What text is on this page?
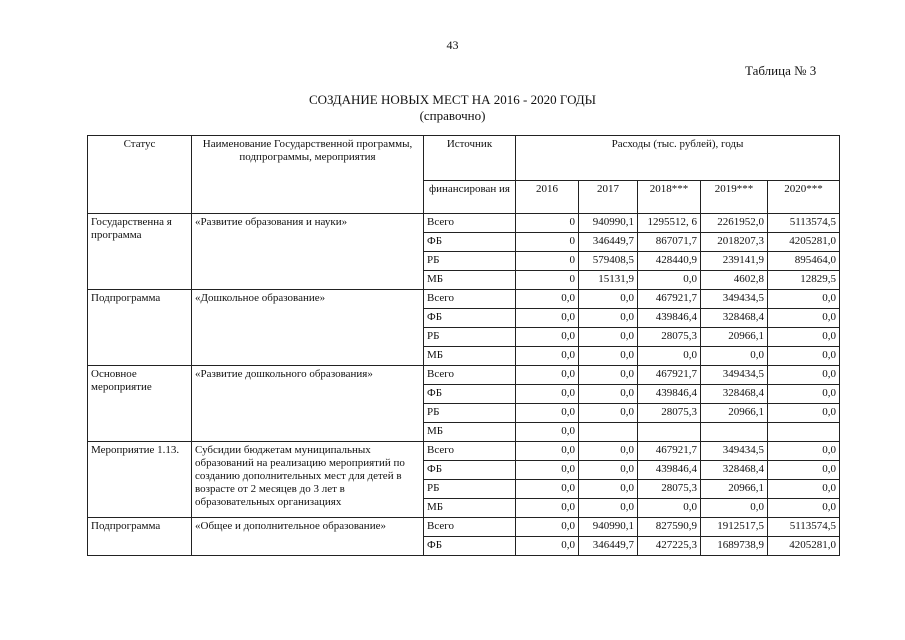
43
Таблица № 3
СОЗДАНИЕ НОВЫХ МЕСТ НА 2016 - 2020 ГОДЫ
(справочно)
Статус	Наименование Государственной программы, подпрограммы, мероприятия	Источник	Расходы (тыс. рублей), годы				
		финансирован ия	2016	2017	2018***	2019***	2020***
Государственна я программа	«Развитие образования и науки»	Всего	0	940990,1	1295512, 6	2261952,0	5113574,5
		ФБ	0	346449,7	867071,7	2018207,3	4205281,0
		РБ	0	579408,5	428440,9	239141,9	895464,0
		МБ	0	15131,9	0,0	4602,8	12829,5
Подпрограмма	«Дошкольное образование»	Всего	0,0	0,0	467921,7	349434,5	0,0
		ФБ	0,0	0,0	439846,4	328468,4	0,0
		РБ	0,0	0,0	28075,3	20966,1	0,0
		МБ	0,0	0,0	0,0	0,0	0,0
Основное мероприятие	«Развитие дошкольного образования»	Всего	0,0	0,0	467921,7	349434,5	0,0
		ФБ	0,0	0,0	439846,4	328468,4	0,0
		РБ	0,0	0,0	28075,3	20966,1	0,0
		МБ	0,0				
Мероприятие 1.13.	Субсидии бюджетам муниципальных образований на реализацию мероприятий по созданию дополнительных мест для детей в возрасте от 2 месяцев до 3 лет в образовательных организациях	Всего	0,0	0,0	467921,7	349434,5	0,0
		ФБ	0,0	0,0	439846,4	328468,4	0,0
		РБ	0,0	0,0	28075,3	20966,1	0,0
		МБ	0,0	0,0	0,0	0,0	0,0
Подпрограмма	«Общее и дополнительное образование»	Всего	0,0	940990,1	827590,9	1912517,5	5113574,5
		ФБ	0,0	346449,7	427225,3	1689738,9	4205281,0
